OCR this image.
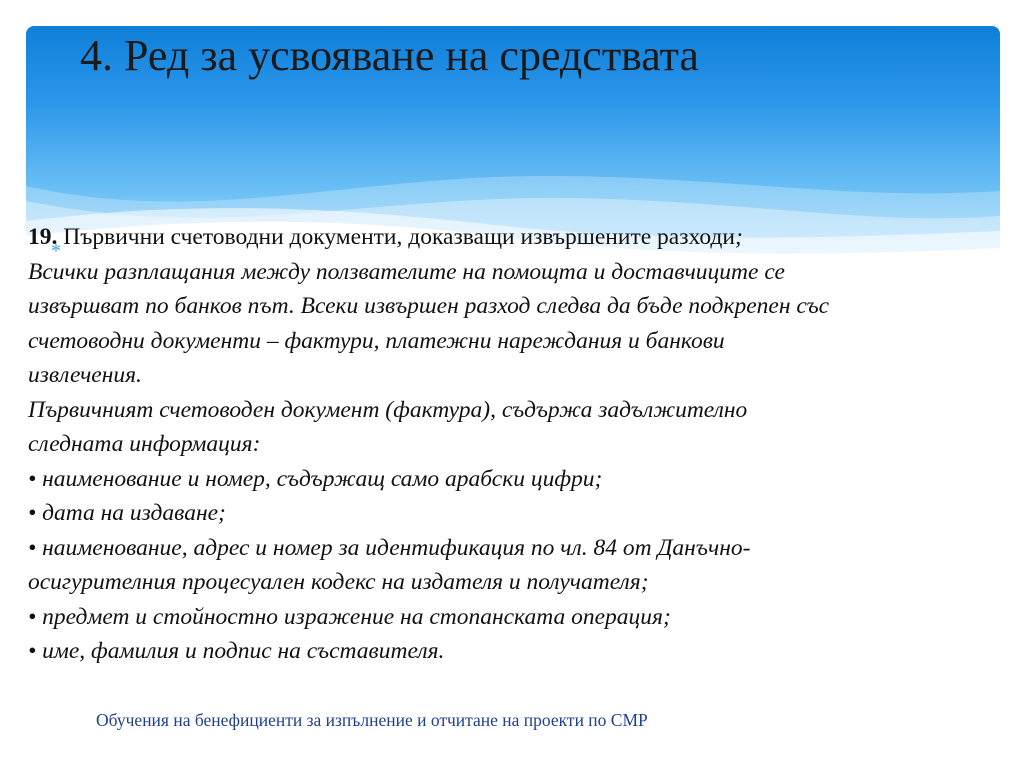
4. Ред за усвояване на средствата
*
19. Първични счетоводни документи, доказващи извършените разходи;
Всички разплащания между ползвателите на помощта и доставчиците се
извършват по банков път. Всеки извършен разход следва да бъде подкрепен със
счетоводни документи – фактури, платежни нареждания и банкови
извлечения.
Първичният счетоводен документ (фактура), съдържа задължително
следната информация:
• наименование и номер, съдържащ само арабски цифри;
• дата на издаване;
• наименование, адрес и номер за идентификация по чл. 84 от Данъчно-
осигурителния процесуален кодекс на издателя и получателя;
• предмет и стойностно изражение на стопанската операция;
• име, фамилия и подпис на съставителя.
Обучения на бенефициенти за изпълнение и отчитане на проекти по СМР
